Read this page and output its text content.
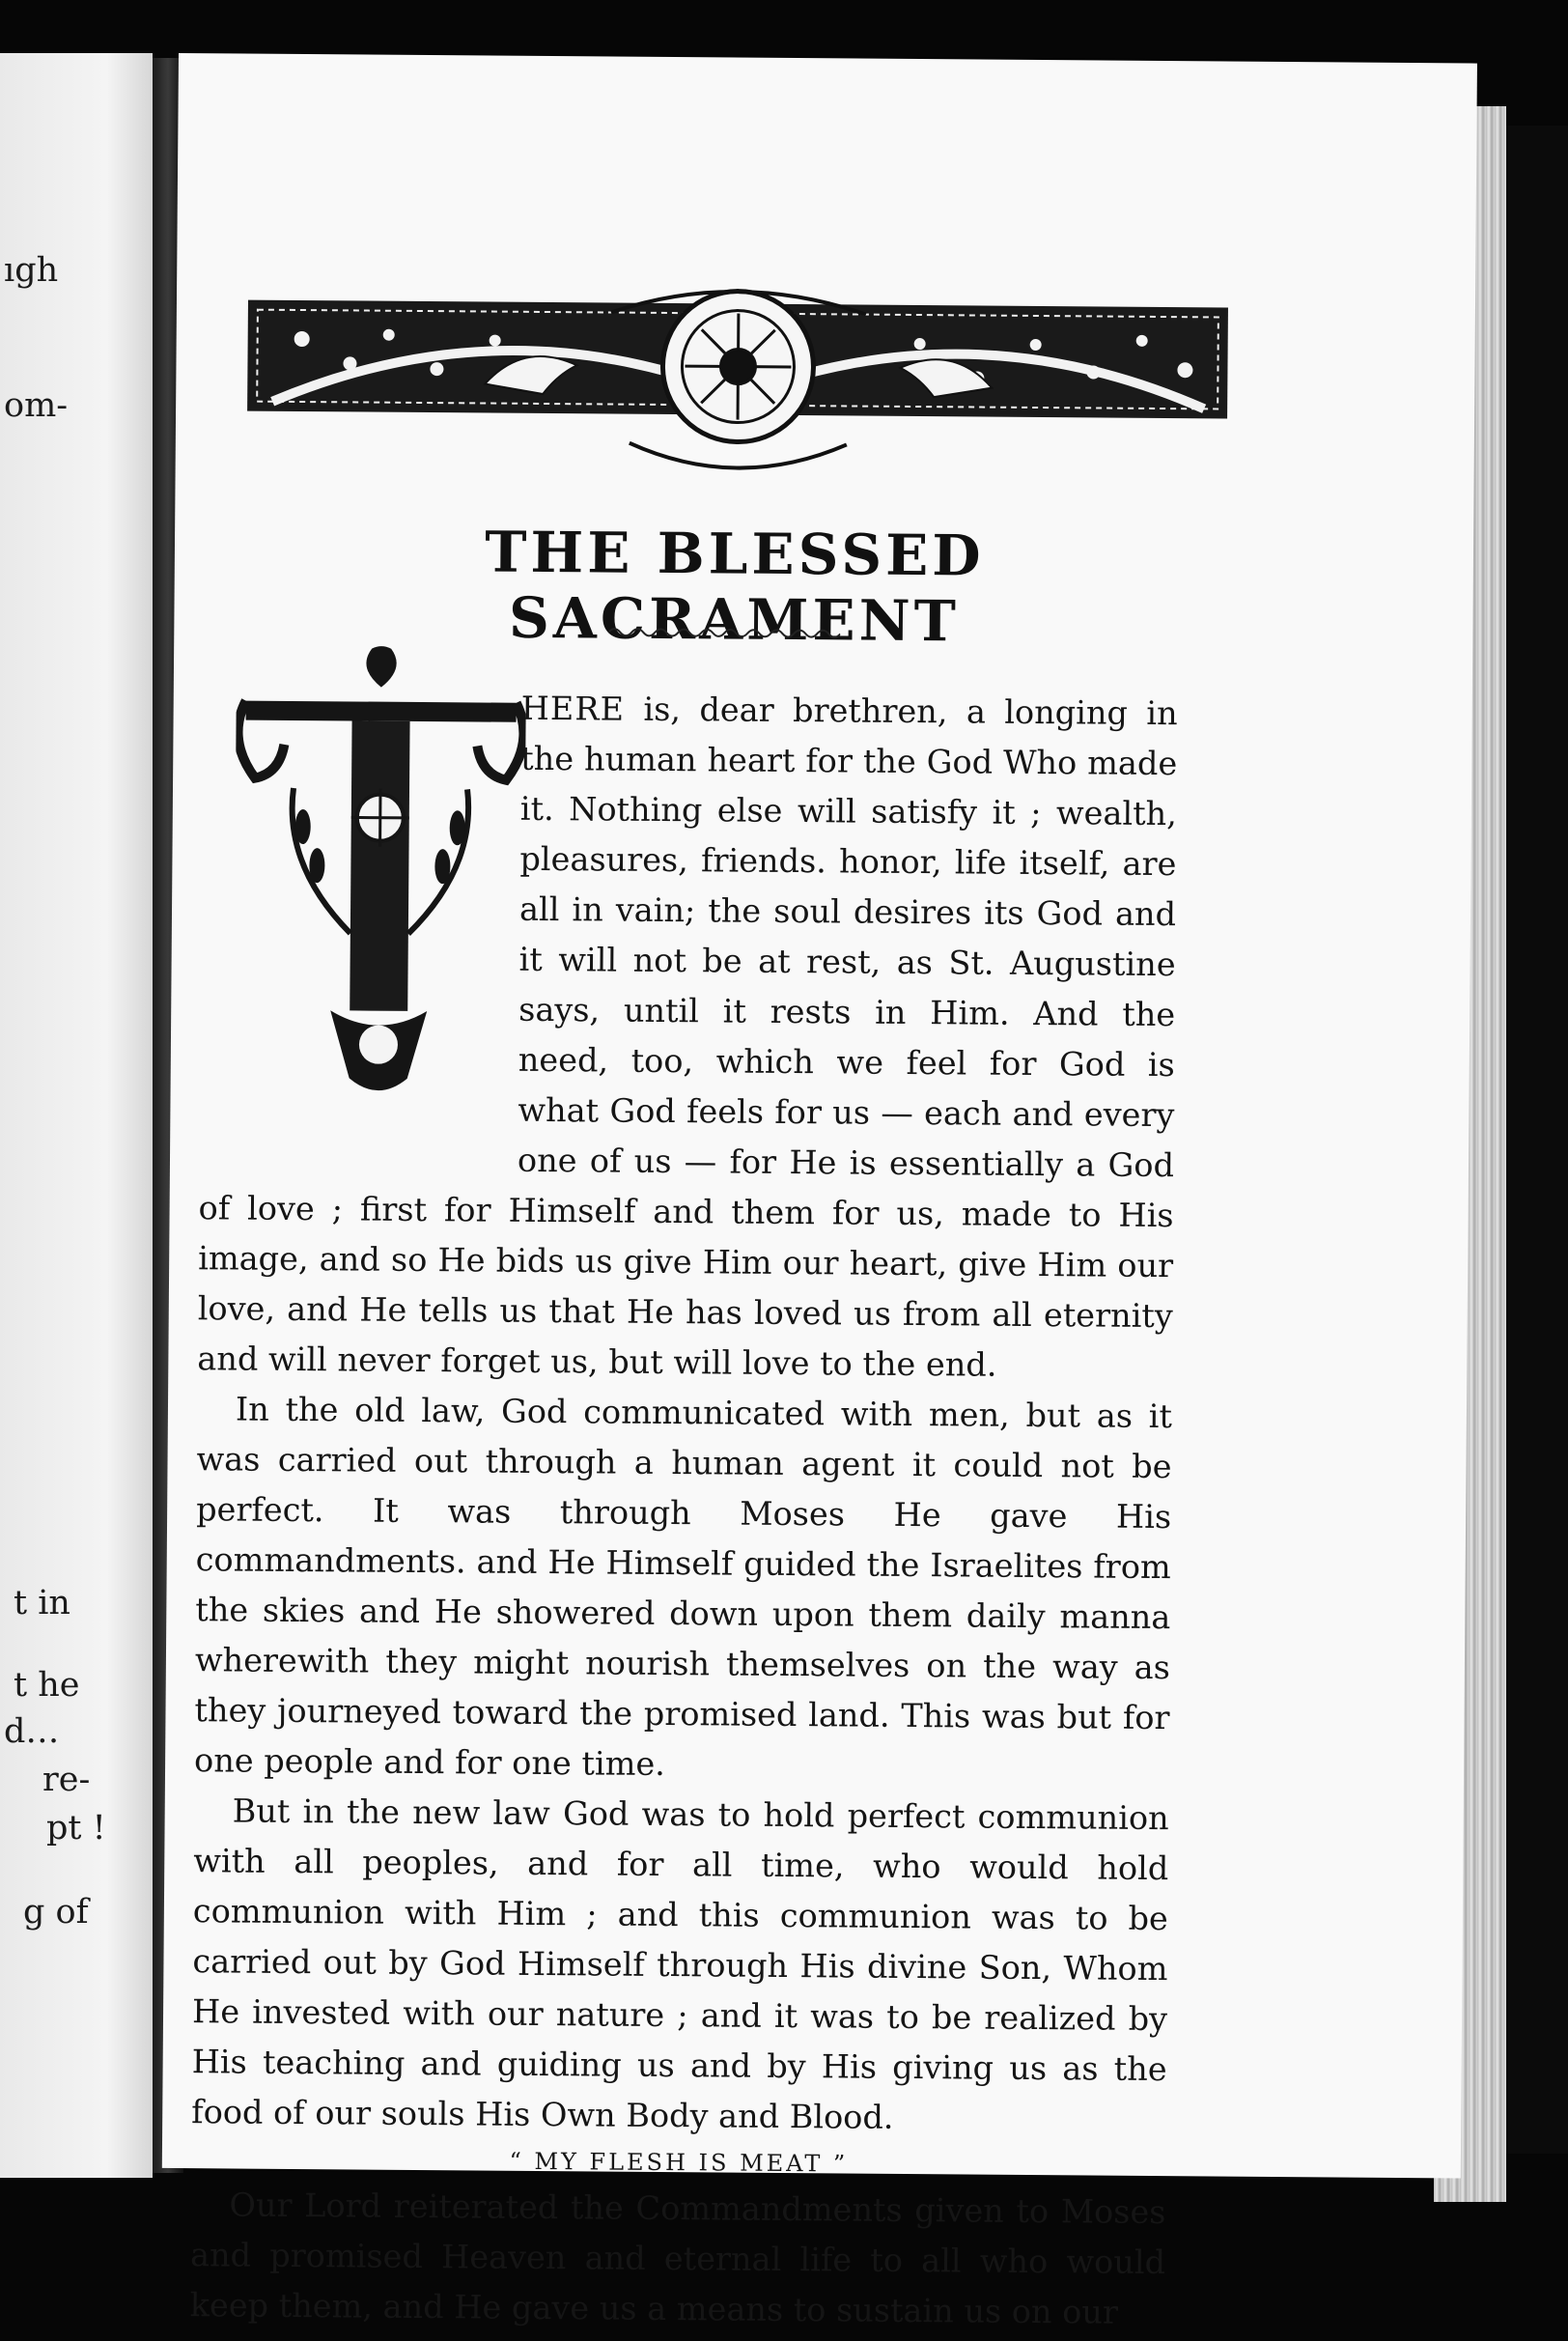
ıgh
om-
t in
t he
d…
re-
pt !
g of
THE BLESSED SACRAMENT

HERE is, dear brethren, a longing in the human heart for the God Who made it. Nothing else will satisfy it ; wealth, pleasures, friends. honor, life itself, are all in vain; the soul desires its God and it will not be at rest, as St. Augustine says, until it rests in Him. And the need, too, which we feel for God is what God feels for us — each and every one of us — for He is essentially a God of love ; first for Himself and them for us, made to His image, and so He bids us give Him our heart, give Him our love, and He tells us that He has loved us from all eternity and will never forget us, but will love to the end.

In the old law, God communicated with men, but as it was carried out through a human agent it could not be perfect. It was through Moses He gave His commandments. and He Himself guided the Israelites from the skies and He showered down upon them daily manna wherewith they might nourish themselves on the way as they journeyed toward the promised land. This was but for one people and for one time.

But in the new law God was to hold perfect communion with all peoples, and for all time, who would hold communion with Him ; and this communion was to be carried out by God Himself through His divine Son, Whom He invested with our nature ; and it was to be realized by His teaching and guiding us and by His giving us as the food of our souls His Own Body and Blood.

“ MY FLESH IS MEAT ”

Our Lord reiterated the Commandments given to Moses and promised Heaven and eternal life to all who would keep them, and He gave us a means to sustain us on our
